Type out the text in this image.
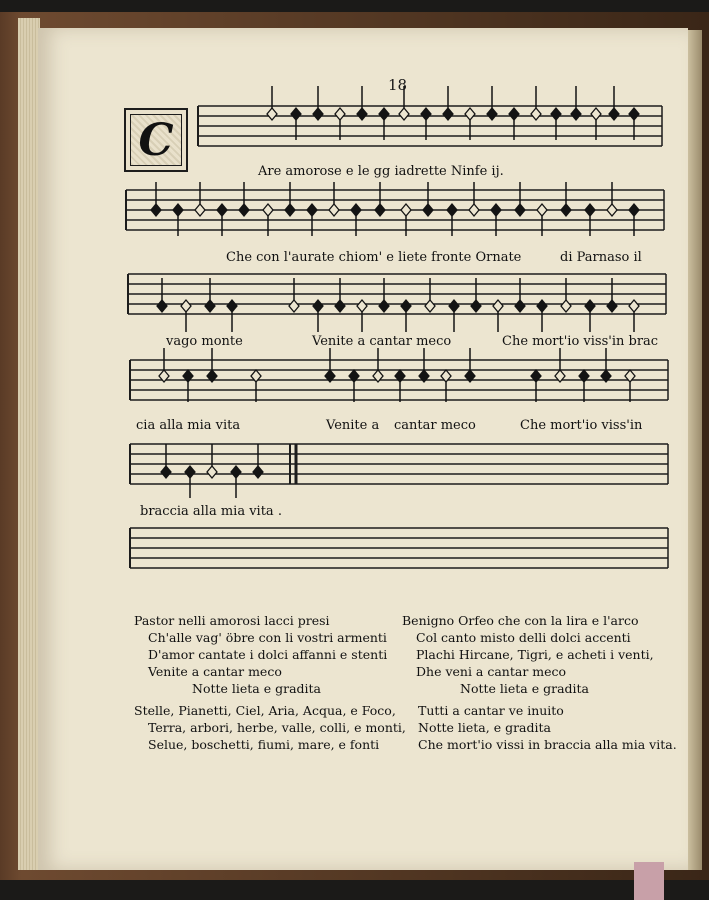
18
C
Are amorose e le gg iadrette Ninfe ij.
Che con l'aurate chiom' e liete fronte Ornate	di Parnaso il
vago monte	Venite a cantar meco	Che mort'io viss'in brac
cia alla mia vita	Venite a cantar meco	Che mort'io viss'in
braccia alla mia vita .
Pastor nelli amorosi lacci presi
Ch'alle vag' öbre con li vostri armenti
D'amor cantate i dolci affanni e stenti
Venite a cantar meco
Notte lieta e gradita
Benigno Orfeo che con la lira e l'arco
Col canto misto delli dolci accenti
Plachi Hircane, Tigri, e acheti i venti,
Dhe veni a cantar meco
Notte lieta e gradita
Stelle, Pianetti, Ciel, Aria, Acqua, e Foco,
Terra, arbori, herbe, valle, colli, e monti,
Selue, boschetti, fiumi, mare, e fonti
Tutti a cantar ve inuito
Notte lieta, e gradita
Che mort'io vissi in braccia alla mia vita.
